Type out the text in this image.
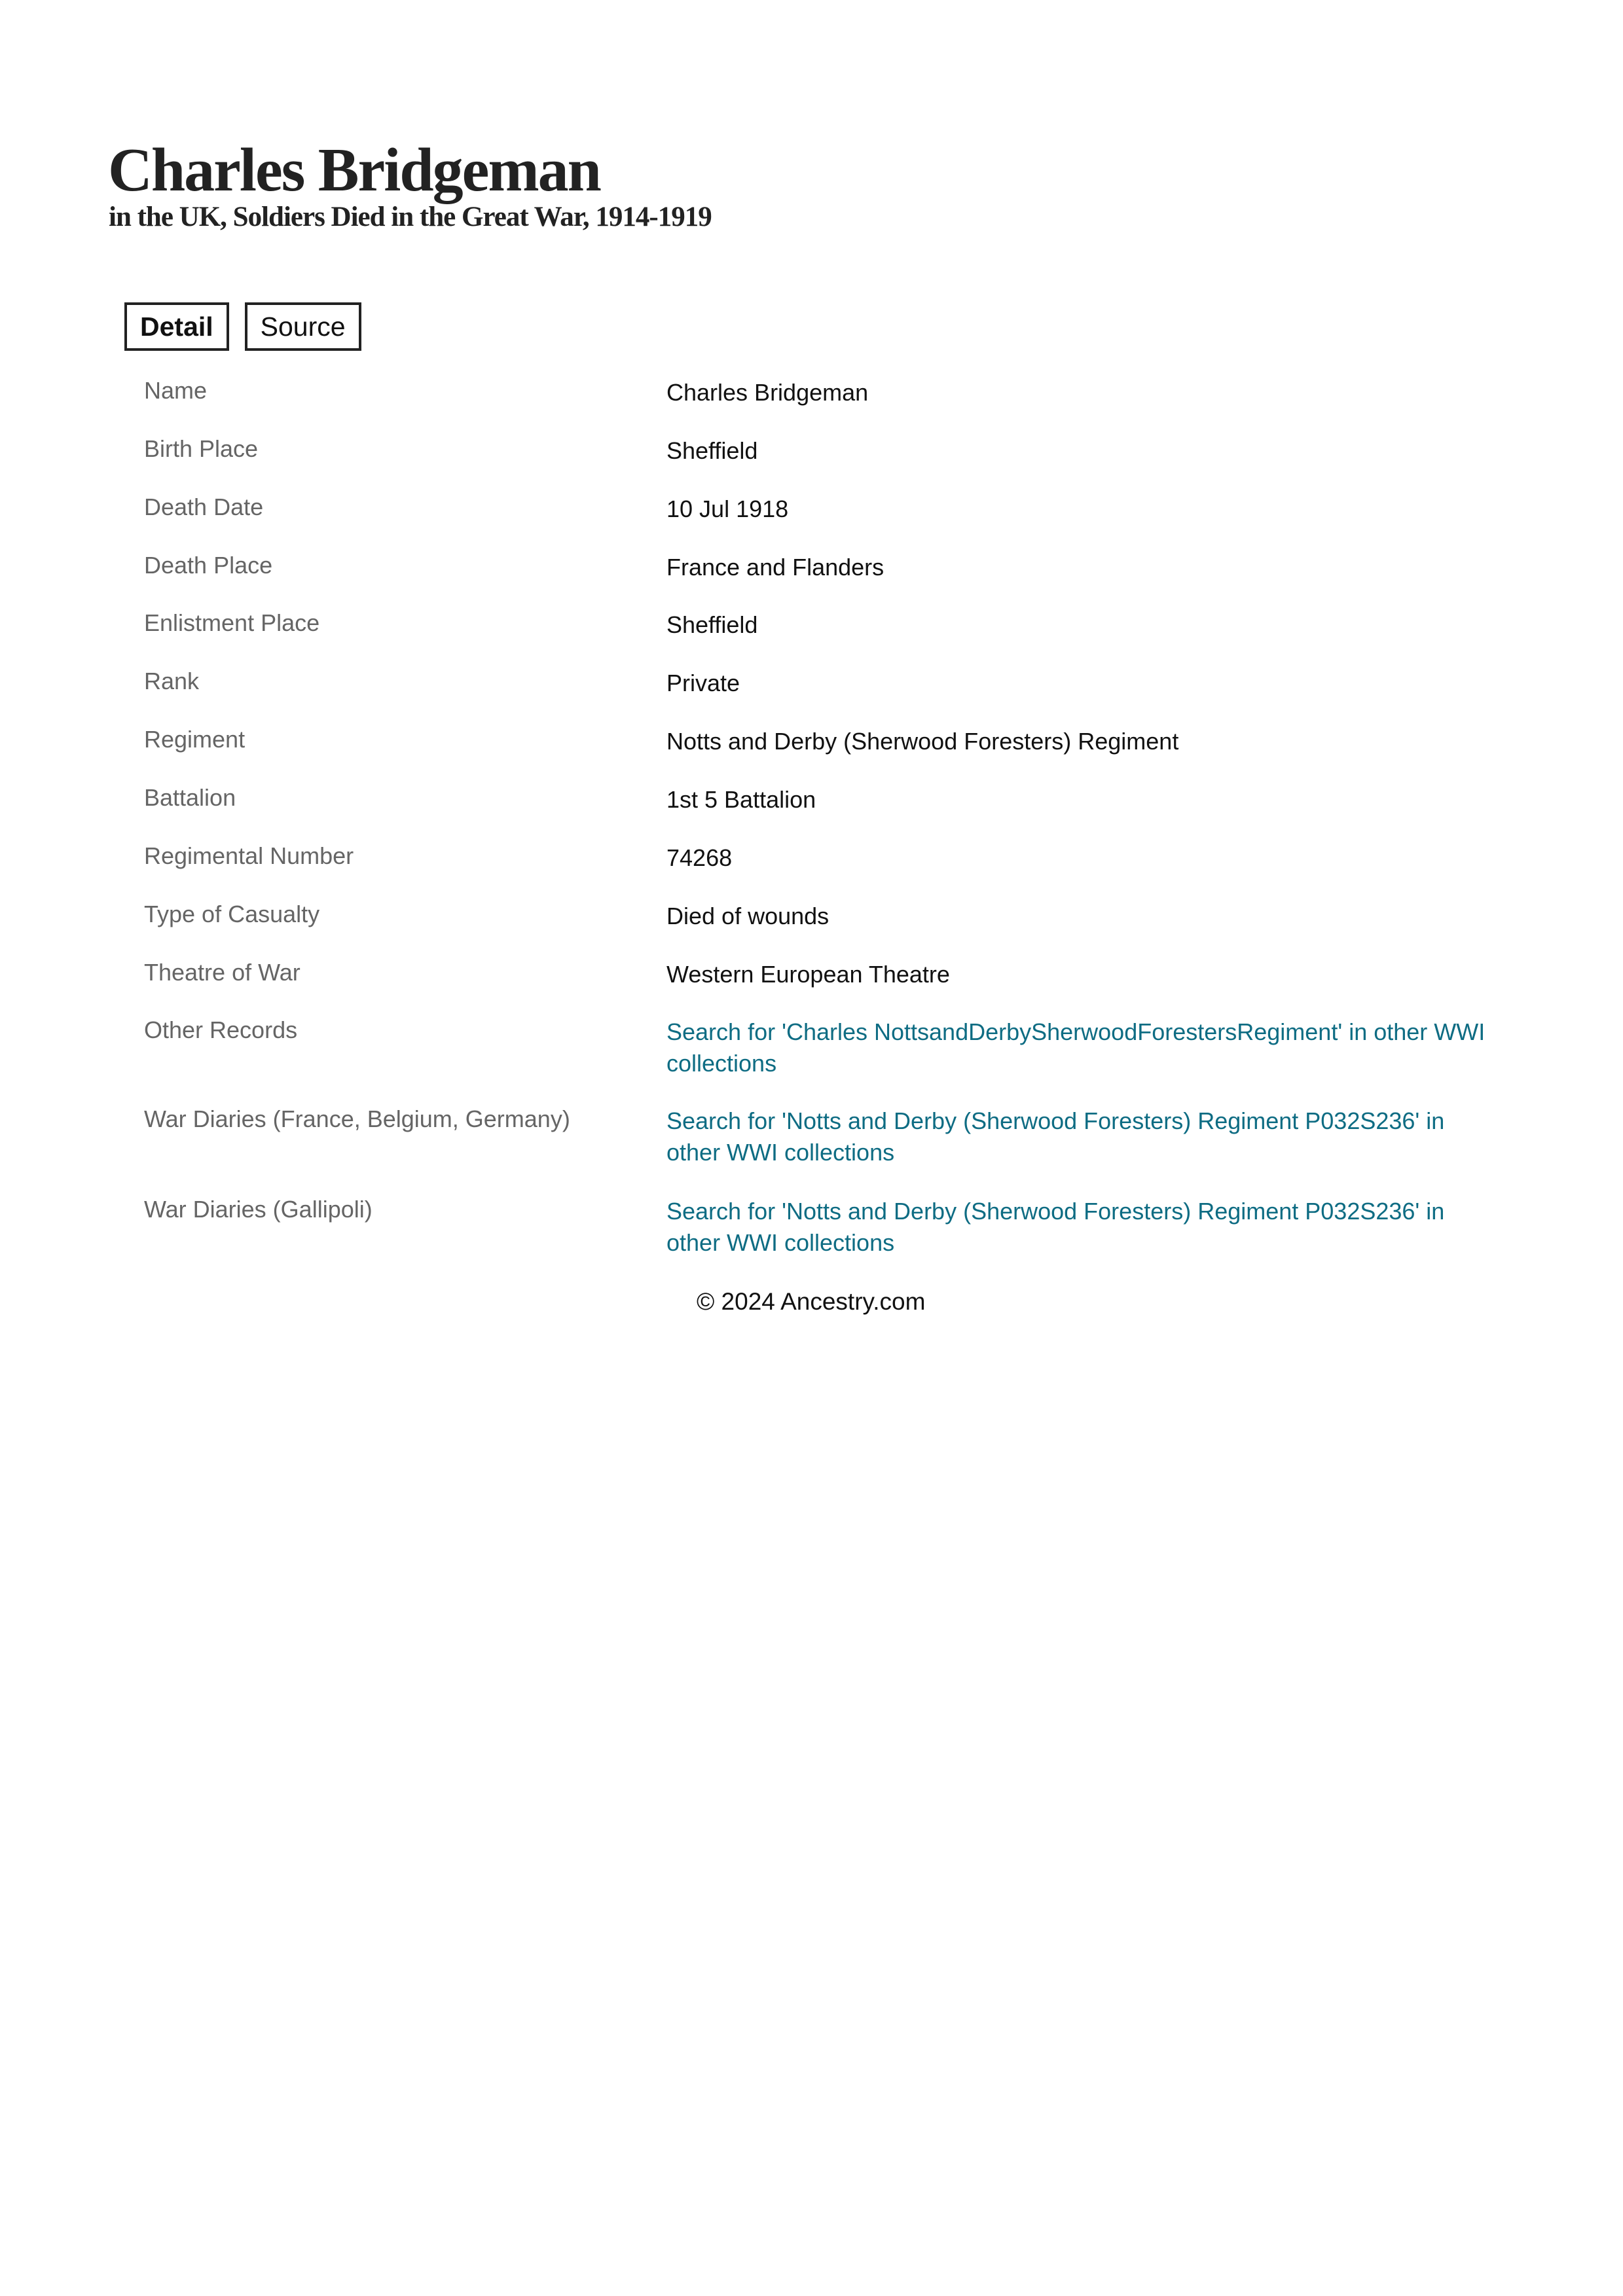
Charles Bridgeman
in the UK, Soldiers Died in the Great War, 1914-1919
Detail	Source
Name	Charles Bridgeman
Birth Place	Sheffield
Death Date	10 Jul 1918
Death Place	France and Flanders
Enlistment Place	Sheffield
Rank	Private
Regiment	Notts and Derby (Sherwood Foresters) Regiment
Battalion	1st 5 Battalion
Regimental Number	74268
Type of Casualty	Died of wounds
Theatre of War	Western European Theatre
Other Records	Search for 'Charles NottsandDerbySherwoodForestersRegiment' in other WWI collections
War Diaries (France, Belgium, Germany)	Search for 'Notts and Derby (Sherwood Foresters) Regiment P032S236' in other WWI collections
War Diaries (Gallipoli)	Search for 'Notts and Derby (Sherwood Foresters) Regiment P032S236' in other WWI collections
© 2024 Ancestry.com
